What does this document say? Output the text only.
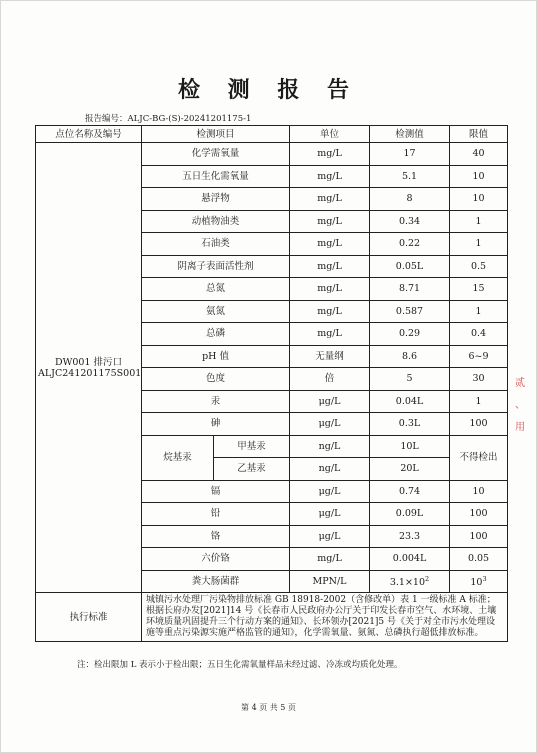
检 测 报 告
报告编号：ALJC-BG-(S)-20241201175-1
点位名称及编号	检测项目		单位	检测值	限值

DW001 排污口
ALJC241201175S001	化学需氧量		mg/L	17	40
	五日生化需氧量		mg/L	5.1	10
	悬浮物		mg/L	8	10
	动植物油类		mg/L	0.34	1
	石油类		mg/L	0.22	1
	阴离子表面活性剂		mg/L	0.05L	0.5
	总氮		mg/L	8.71	15
	氨氮		mg/L	0.587	1
	总磷		mg/L	0.29	0.4
	pH 值		无量纲	8.6	6~9
	色度		倍	5	30
	汞		μg/L	0.04L	1
	砷		μg/L	0.3L	100
	烷基汞	甲基汞	ng/L	10L	不得检出
		乙基汞	ng/L	20L	
	镉		μg/L	0.74	10
	铅		μg/L	0.09L	100
	铬		μg/L	23.3	100
	六价铬		mg/L	0.004L	0.05
	粪大肠菌群		MPN/L	$3.1\times 10^2$	$10^3$
执行标准	城镇污水处理厂污染物排放标准 GB 18918-2002（含修改单）表 1 一级标准 A 标准；根据长府办发[2021]14 号《长春市人民政府办公厅关于印发长春市空气、水环境、土壤环境质量巩固提升三个行动方案的通知》、长环领办[2021]5 号《关于对全市污水处理设施等重点污染源实施严格监管的通知》，化学需氧量、氨氮、总磷执行超低排放标准。				
注：检出限加 L 表示小于检出限；五日生化需氧量样品未经过滤、冷冻或均质化处理。
第 4 页 共 5 页
贰
、
用
